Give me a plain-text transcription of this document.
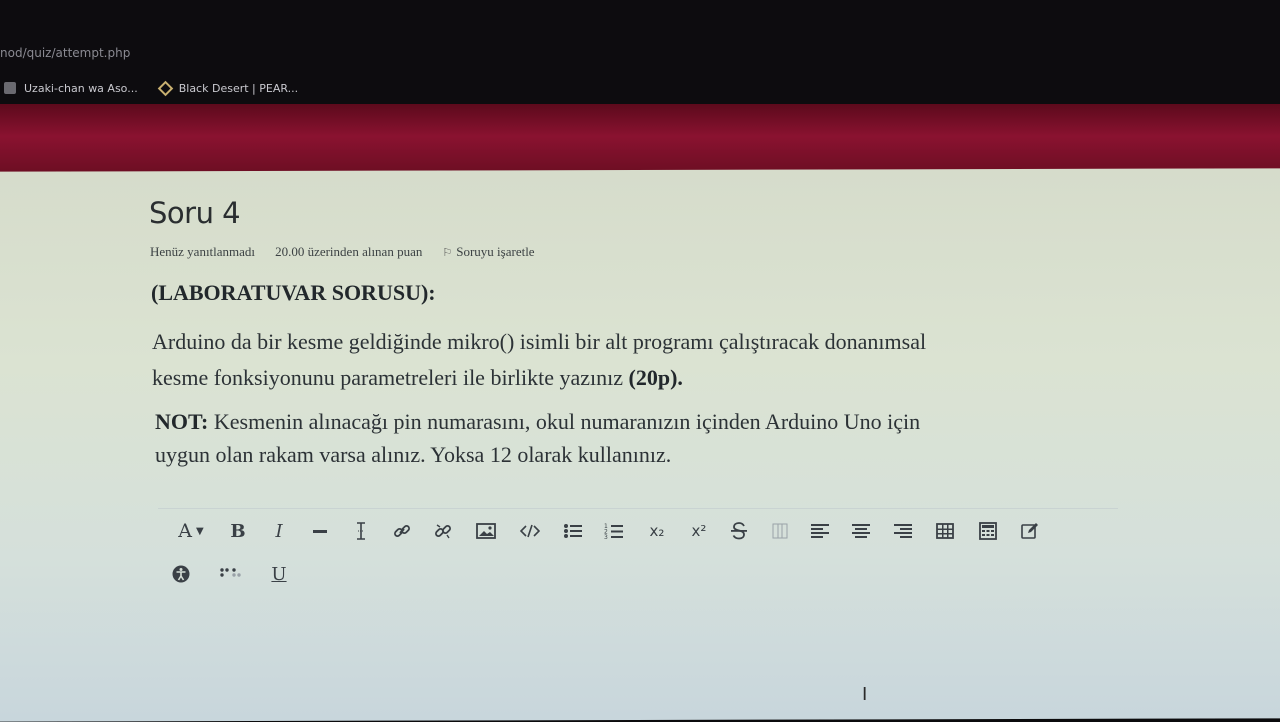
nod/quiz/attempt.php
Uzaki-chan wa Aso...	Black Desert | PEAR...
Soru 4
Henüz yanıtlanmadı 20.00 üzerinden alınan puan ⚐ Soruyu işaretle
(LABORATUVAR SORUSU):
Arduino da bir kesme geldiğinde mikro() isimli bir alt programı çalıştıracak donanımsal
kesme fonksiyonunu parametreleri ile birlikte yazınız (20p).
NOT: Kesmenin alınacağı pin numarasını, okul numaranızın içinden Arduino Uno için
uygun olan rakam varsa alınız. Yoksa 12 olarak kullanınız.
A ▼	B	I	1
2
3	x₂	x²
U
I
